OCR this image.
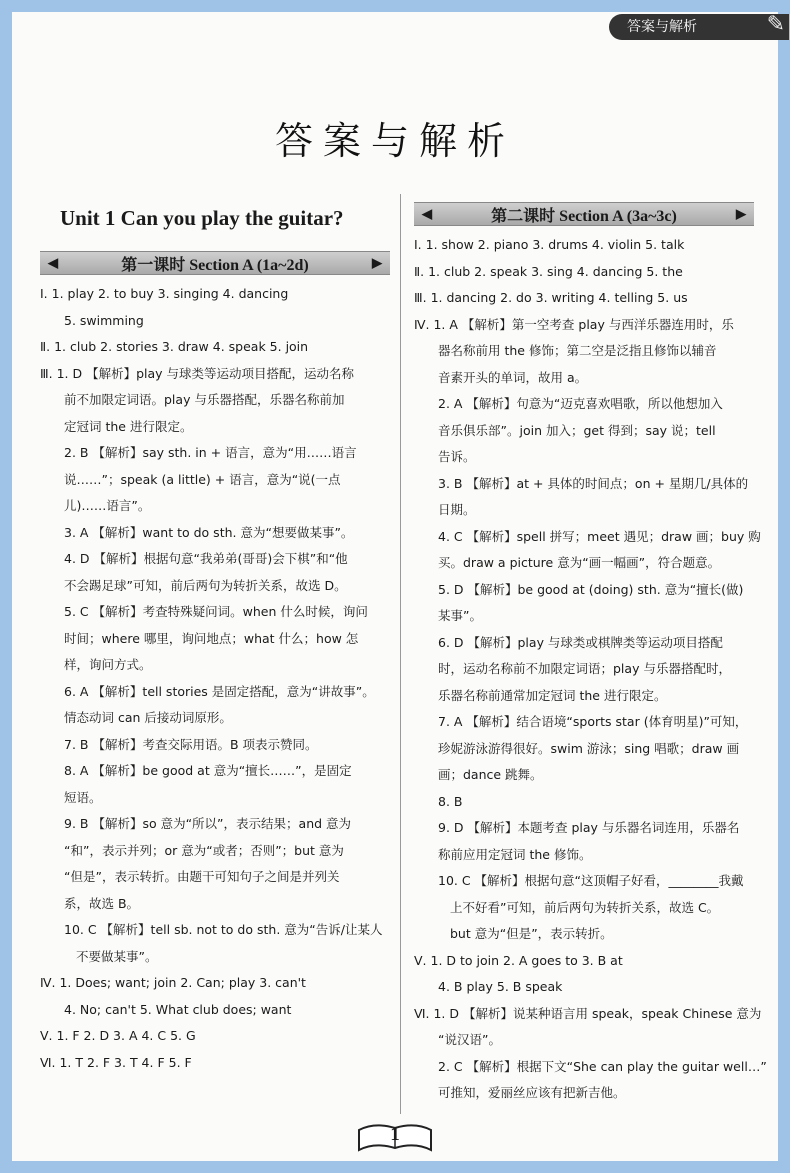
答案与解析	✎
答案与解析
Unit 1 Can you play the guitar?
◀	第一课时 Section A (1a~2d)	▶
Ⅰ. 1. play 2. to buy 3. singing 4. dancing
5. swimming
Ⅱ. 1. club 2. stories 3. draw 4. speak 5. join
Ⅲ. 1. D 【解析】play 与球类等运动项目搭配，运动名称
前不加限定词语。play 与乐器搭配，乐器名称前加
定冠词 the 进行限定。
2. B 【解析】say sth. in + 语言，意为“用……语言
说……”；speak (a little) + 语言，意为“说(一点
儿)……语言”。
3. A 【解析】want to do sth. 意为“想要做某事”。
4. D 【解析】根据句意“我弟弟(哥哥)会下棋”和“他
不会踢足球”可知，前后两句为转折关系，故选 D。
5. C 【解析】考查特殊疑问词。when 什么时候，询问
时间；where 哪里，询问地点；what 什么；how 怎
样，询问方式。
6. A 【解析】tell stories 是固定搭配，意为“讲故事”。
情态动词 can 后接动词原形。
7. B 【解析】考查交际用语。B 项表示赞同。
8. A 【解析】be good at 意为“擅长……”，是固定
短语。
9. B 【解析】so 意为“所以”，表示结果；and 意为
“和”，表示并列；or 意为“或者；否则”；but 意为
“但是”，表示转折。由题干可知句子之间是并列关
系，故选 B。
10. C 【解析】tell sb. not to do sth. 意为“告诉/让某人
不要做某事”。
Ⅳ. 1. Does; want; join 2. Can; play 3. can't
4. No; can't 5. What club does; want
Ⅴ. 1. F 2. D 3. A 4. C 5. G
Ⅵ. 1. T 2. F 3. T 4. F 5. F
◀	第二课时 Section A (3a~3c)	▶
Ⅰ. 1. show 2. piano 3. drums 4. violin 5. talk
Ⅱ. 1. club 2. speak 3. sing 4. dancing 5. the
Ⅲ. 1. dancing 2. do 3. writing 4. telling 5. us
Ⅳ. 1. A 【解析】第一空考查 play 与西洋乐器连用时，乐
器名称前用 the 修饰；第二空是泛指且修饰以辅音
音素开头的单词，故用 a。
2. A 【解析】句意为“迈克喜欢唱歌，所以他想加入
音乐俱乐部”。join 加入；get 得到；say 说；tell
告诉。
3. B 【解析】at + 具体的时间点；on + 星期几/具体的
日期。
4. C 【解析】spell 拼写；meet 遇见；draw 画；buy 购
买。draw a picture 意为“画一幅画”，符合题意。
5. D 【解析】be good at (doing) sth. 意为“擅长(做)
某事”。
6. D 【解析】play 与球类或棋牌类等运动项目搭配
时，运动名称前不加限定词语；play 与乐器搭配时，
乐器名称前通常加定冠词 the 进行限定。
7. A 【解析】结合语境“sports star (体育明星)”可知，
珍妮游泳游得很好。swim 游泳；sing 唱歌；draw 画
画；dance 跳舞。
8. B
9. D 【解析】本题考查 play 与乐器名词连用，乐器名
称前应用定冠词 the 修饰。
10. C 【解析】根据句意“这顶帽子好看，________我戴
上不好看”可知，前后两句为转折关系，故选 C。
but 意为“但是”，表示转折。
Ⅴ. 1. D to join 2. A goes to 3. B at
4. B play 5. B speak
Ⅵ. 1. D 【解析】说某种语言用 speak，speak Chinese 意为
“说汉语”。
2. C 【解析】根据下文“She can play the guitar well…”
可推知，爱丽丝应该有把新吉他。
1
